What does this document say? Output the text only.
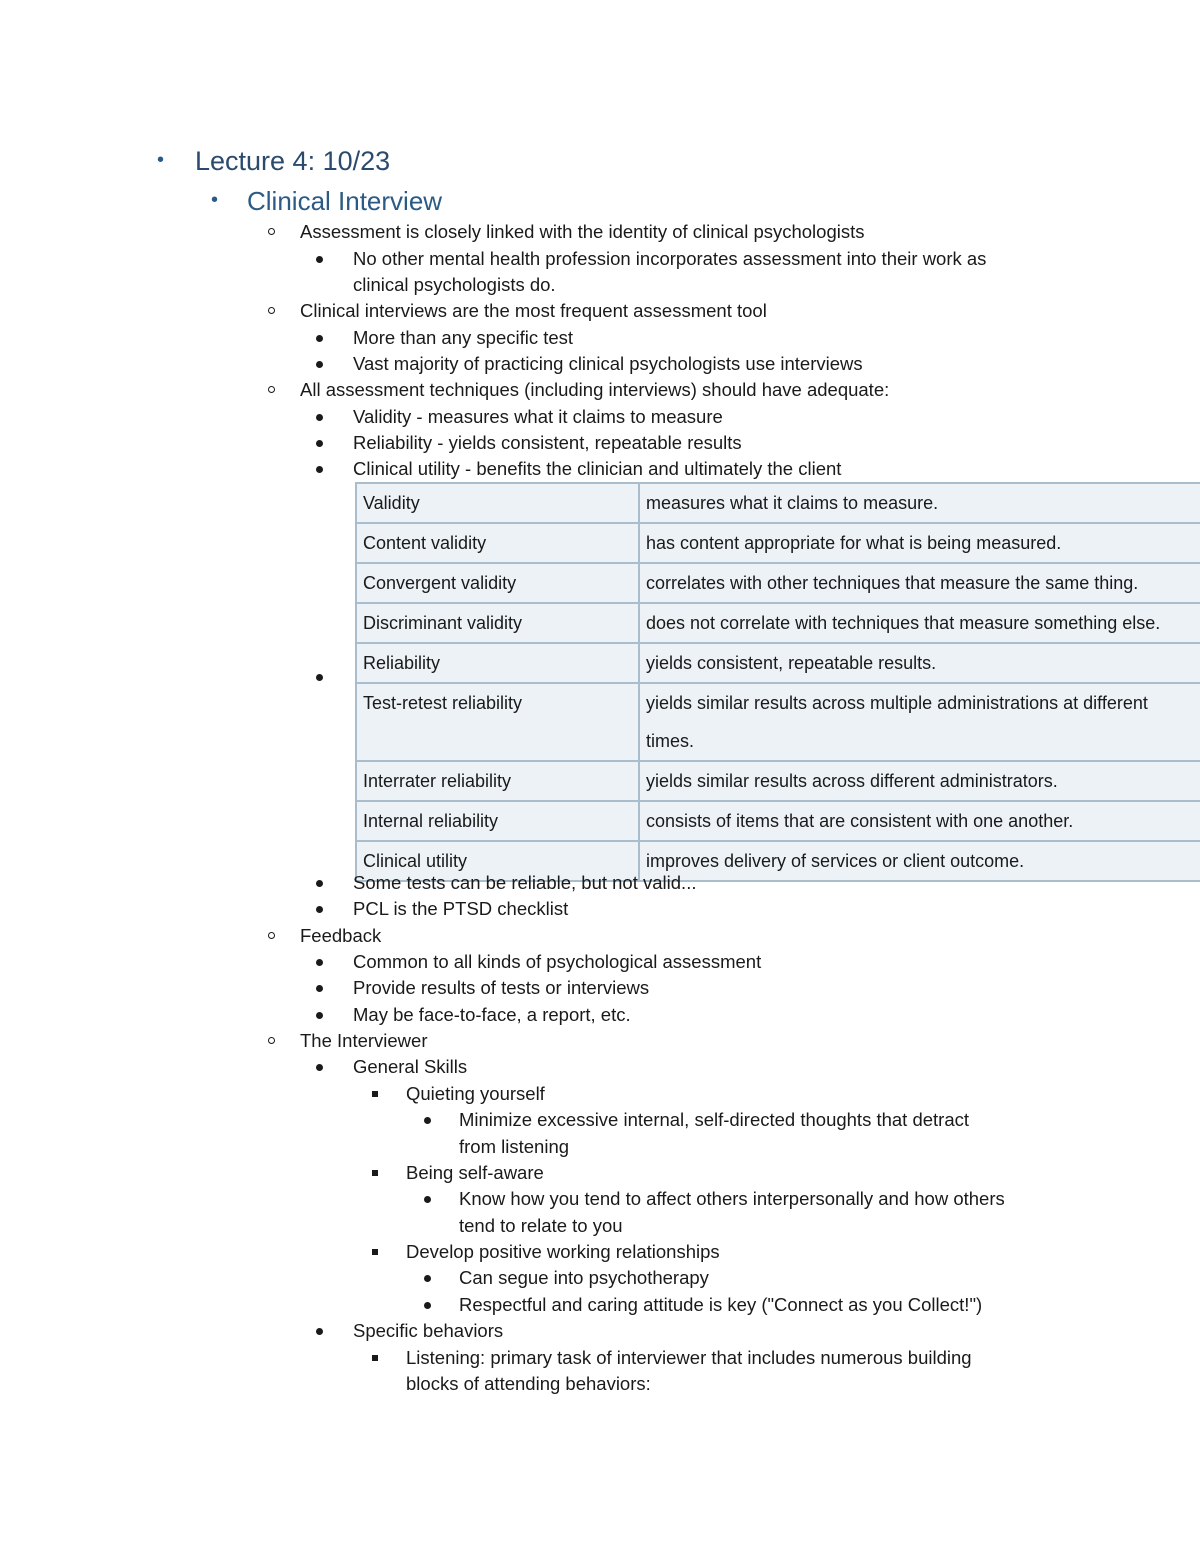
• Lecture 4: 10/23
• Clinical Interview
Assessment is closely linked with the identity of clinical psychologists
No other mental health profession incorporates assessment into their work as
clinical psychologists do.
Clinical interviews are the most frequent assessment tool
More than any specific test
Vast majority of practicing clinical psychologists use interviews
All assessment techniques (including interviews) should have adequate:
Validity - measures what it claims to measure
Reliability - yields consistent, repeatable results
Clinical utility - benefits the clinician and ultimately the client
Validity	measures what it claims to measure.
Content validity	has content appropriate for what is being measured.
Convergent validity	correlates with other techniques that measure the same thing.
Discriminant validity	does not correlate with techniques that measure something else.
Reliability	yields consistent, repeatable results.
Test-retest reliability	yields similar results across multiple administrations at different
times.
Interrater reliability	yields similar results across different administrators.
Internal reliability	consists of items that are consistent with one another.
Clinical utility	improves delivery of services or client outcome.
Some tests can be reliable, but not valid...
PCL is the PTSD checklist
Feedback
Common to all kinds of psychological assessment
Provide results of tests or interviews
May be face-to-face, a report, etc.
The Interviewer
General Skills
Quieting yourself
Minimize excessive internal, self-directed thoughts that detract
from listening
Being self-aware
Know how you tend to affect others interpersonally and how others
tend to relate to you
Develop positive working relationships
Can segue into psychotherapy
Respectful and caring attitude is key ("Connect as you Collect!")
Specific behaviors
Listening: primary task of interviewer that includes numerous building
blocks of attending behaviors:
